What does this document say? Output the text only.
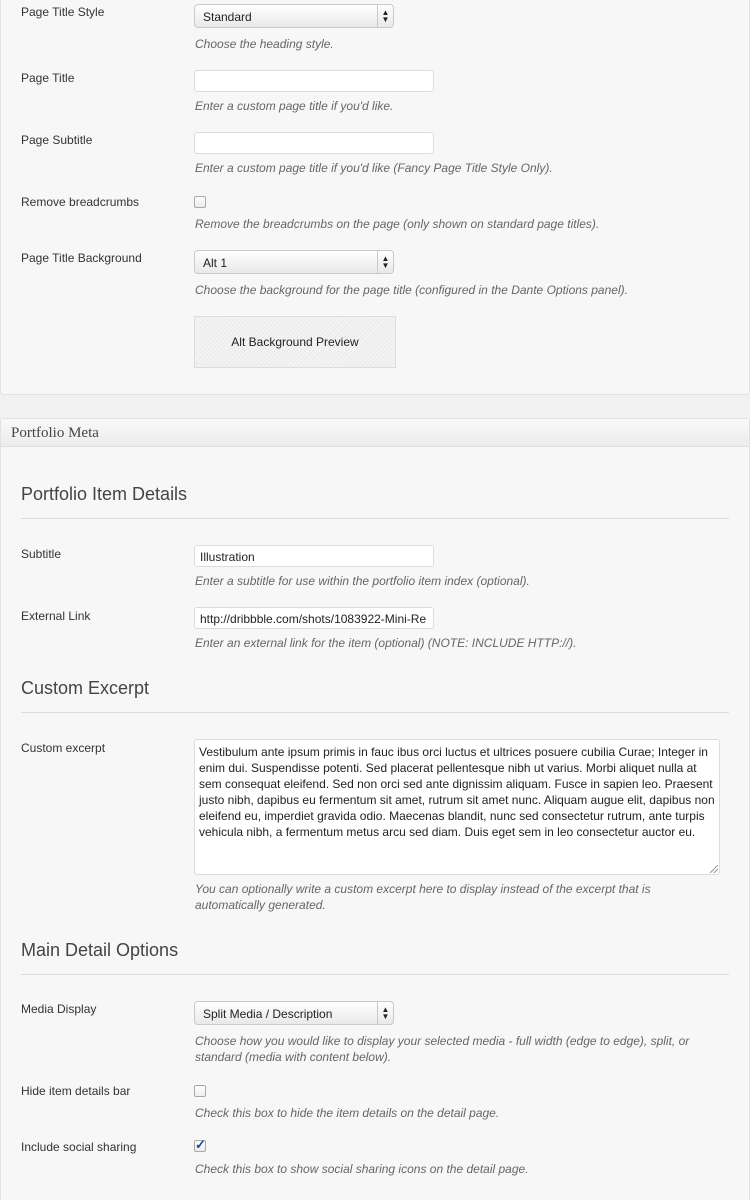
Page Title Style	Standard	▲
▼
Choose the heading style.
Page Title
Enter a custom page title if you'd like.
Page Subtitle
Enter a custom page title if you'd like (Fancy Page Title Style Only).
Remove breadcrumbs
Remove the breadcrumbs on the page (only shown on standard page titles).
Page Title Background	Alt 1	▲
▼
Choose the background for the page title (configured in the Dante Options panel).
Alt Background Preview
Portfolio Meta
Portfolio Item Details
Subtitle	Illustration
Enter a subtitle for use within the portfolio item index (optional).
External Link	http://dribbble.com/shots/1083922-Mini-Re
Enter an external link for the item (optional) (NOTE: INCLUDE HTTP://).
Custom Excerpt
Custom excerpt	Vestibulum ante ipsum primis in fauc ibus orci luctus et ultrices posuere cubilia Curae; Integer in enim dui. Suspendisse potenti. Sed placerat pellentesque nibh ut varius. Morbi aliquet nulla at sem consequat eleifend. Sed non orci sed ante dignissim aliquam. Fusce in sapien leo. Praesent justo nibh, dapibus eu fermentum sit amet, rutrum sit amet nunc. Aliquam augue elit, dapibus non eleifend eu, imperdiet gravida odio. Maecenas blandit, nunc sed consectetur rutrum, ante turpis vehicula nibh, a fermentum metus arcu sed diam. Duis eget sem in leo consectetur auctor eu.
You can optionally write a custom excerpt here to display instead of the excerpt that is automatically generated.
Main Detail Options
Media Display	Split Media / Description	▲
▼
Choose how you would like to display your selected media - full width (edge to edge), split, or standard (media with content below).
Hide item details bar
Check this box to hide the item details on the detail page.
Include social sharing	✓
Check this box to show social sharing icons on the detail page.
